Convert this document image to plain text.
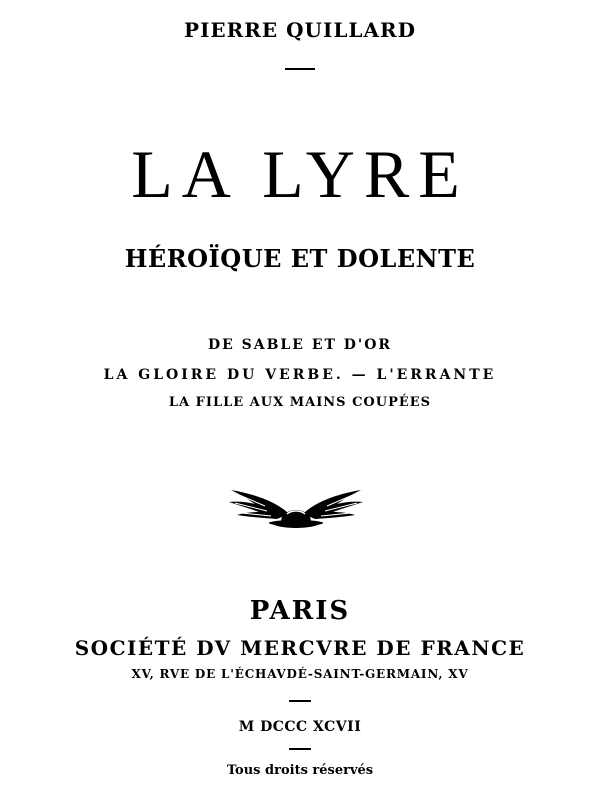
PIERRE QUILLARD
LA LYRE
HÉROÏQUE ET DOLENTE
DE SABLE ET D'OR
LA GLOIRE DU VERBE. — L'ERRANTE
LA FILLE AUX MAINS COUPÉES
PARIS
SOCIÉTÉ DV MERCVRE DE FRANCE
XV, RVE DE L'ÉCHAVDÉ-SAINT-GERMAIN, XV
M DCCC XCVII
Tous droits réservés
